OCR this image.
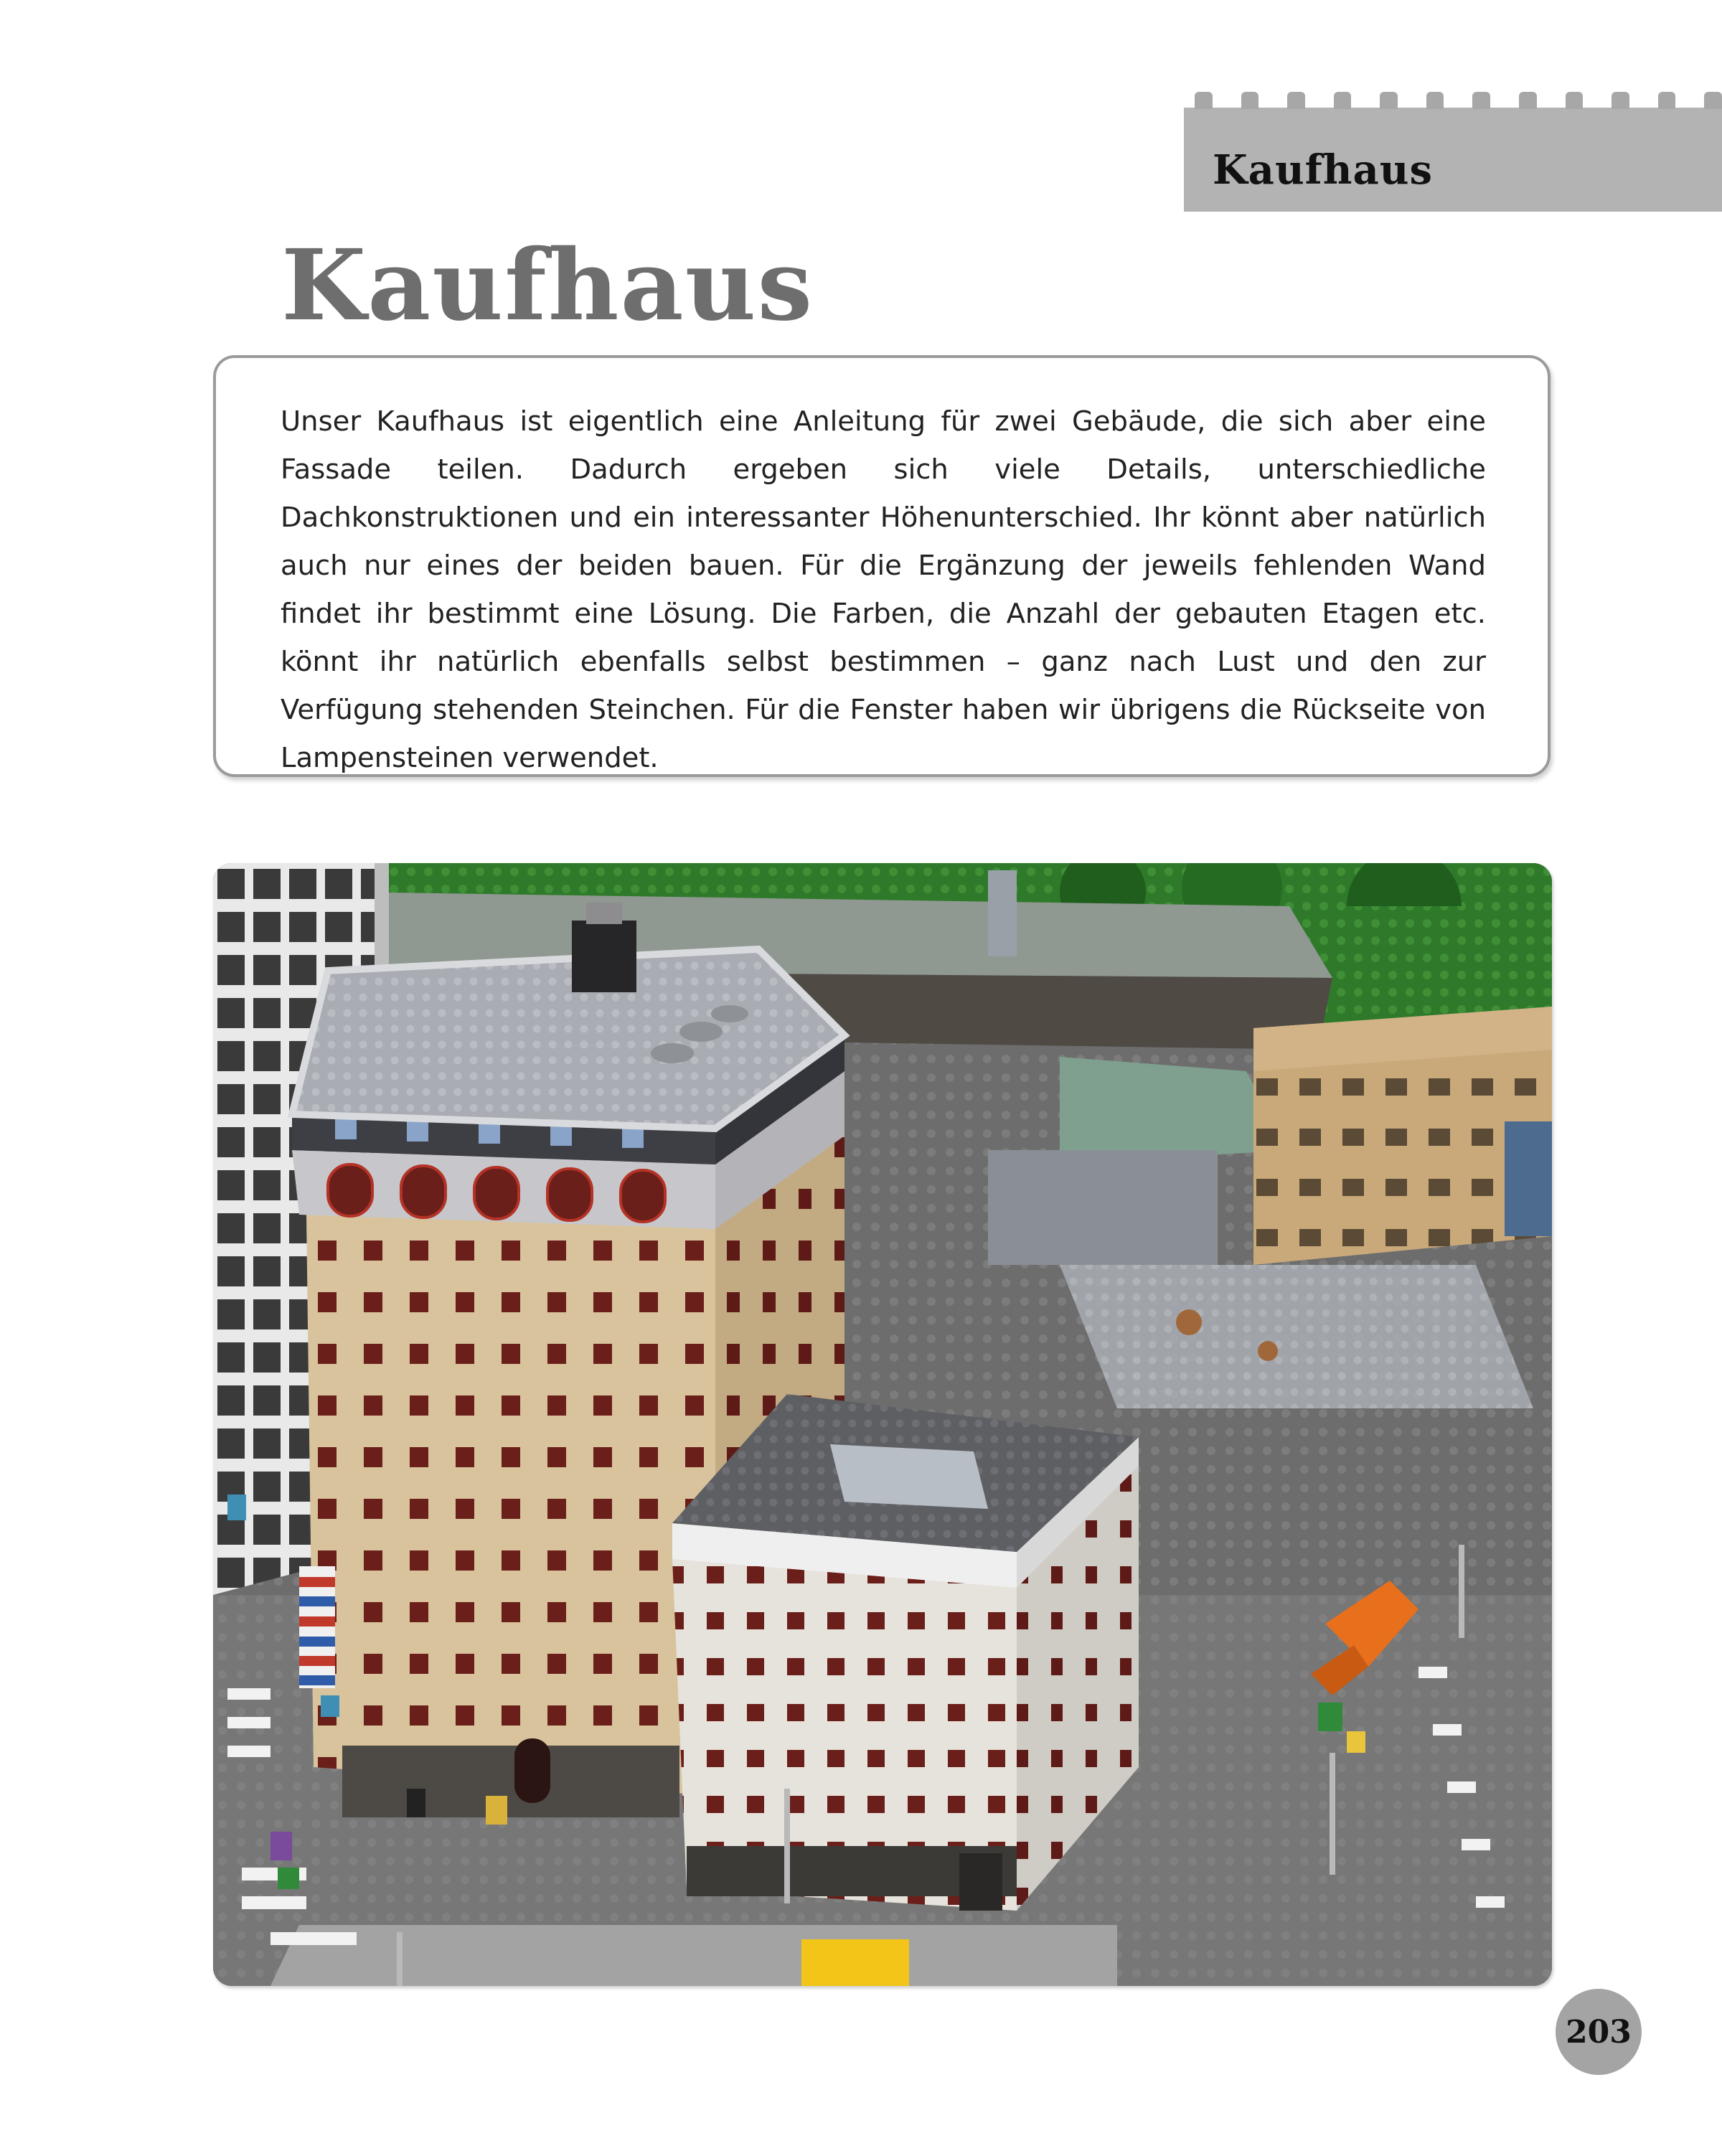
Kaufhaus
Kaufhaus

Unser Kaufhaus ist eigentlich eine Anleitung für zwei Gebäude, die sich aber eine Fassade teilen. Dadurch ergeben sich viele Details, unterschiedliche Dachkonstruktionen und ein interessanter Höhenunterschied. Ihr könnt aber natürlich auch nur eines der beiden bauen. Für die Ergänzung der jeweils fehlenden Wand findet ihr bestimmt eine Lösung. Die Farben, die Anzahl der gebauten Etagen etc. könnt ihr natürlich ebenfalls selbst bestimmen – ganz nach Lust und den zur Verfügung stehenden Steinchen. Für die Fenster haben wir übrigens die Rückseite von Lampensteinen verwendet.

203
